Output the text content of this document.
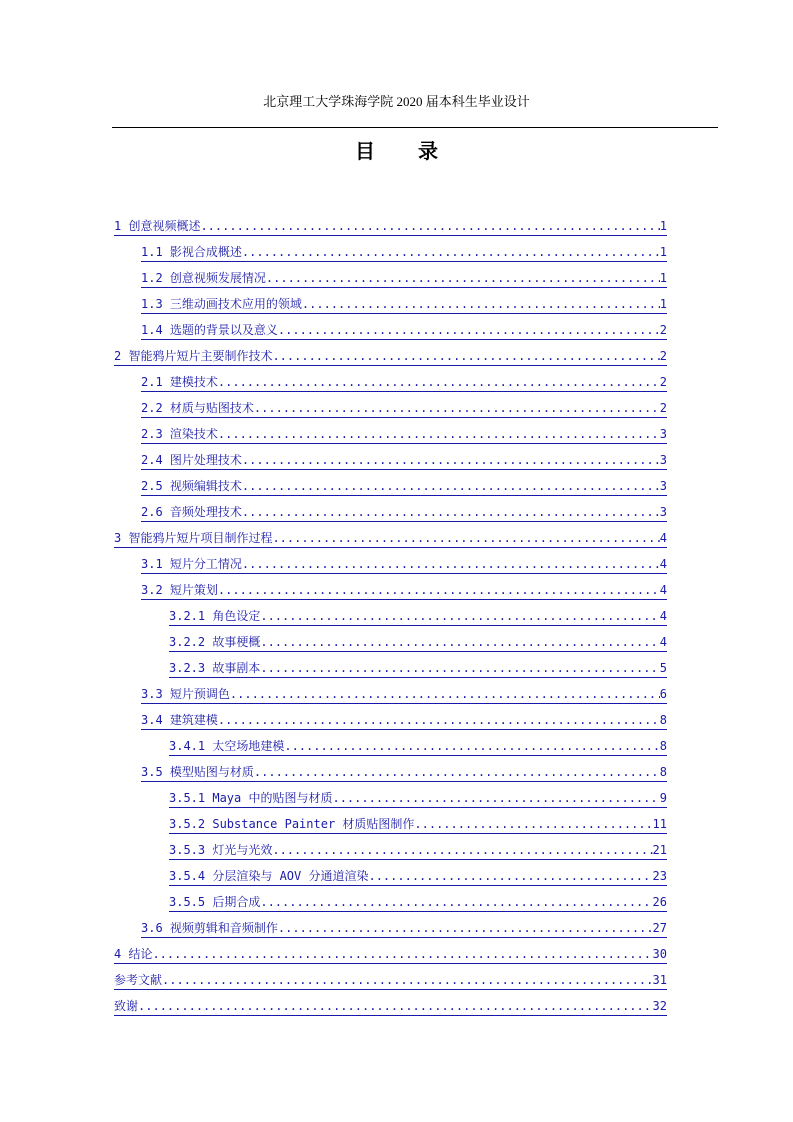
北京理工大学珠海学院 2020 届本科生毕业设计
目 录
1 创意视频概述 .....	1
1.1 影视合成概述 .....	1
1.2 创意视频发展情况 .....	1
1.3 三维动画技术应用的领域 .....	1
1.4 选题的背景以及意义 .....	2
2 智能鸦片短片主要制作技术 .....	2
2.1 建模技术 .....	2
2.2 材质与贴图技术 .....	2
2.3 渲染技术 .....	3
2.4 图片处理技术 .....	3
2.5 视频编辑技术 .....	3
2.6 音频处理技术 .....	3
3 智能鸦片短片项目制作过程 .....	4
3.1 短片分工情况 .....	4
3.2 短片策划 .....	4
3.2.1 角色设定 .....	4
3.2.2 故事梗概 .....	4
3.2.3 故事剧本 .....	5
3.3 短片预调色 .....	6
3.4 建筑建模 .....	8
3.4.1 太空场地建模 .....	8
3.5 模型贴图与材质 .....	8
3.5.1 Maya 中的贴图与材质 .....	9
3.5.2 Substance Painter 材质贴图制作 .....	11
3.5.3 灯光与光效 .....	21
3.5.4 分层渲染与 AOV 分通道渲染 .....	23
3.5.5 后期合成 .....	26
3.6 视频剪辑和音频制作 .....	27
4 结论 .....	30
参考文献 .....	31
致谢 .....	32
